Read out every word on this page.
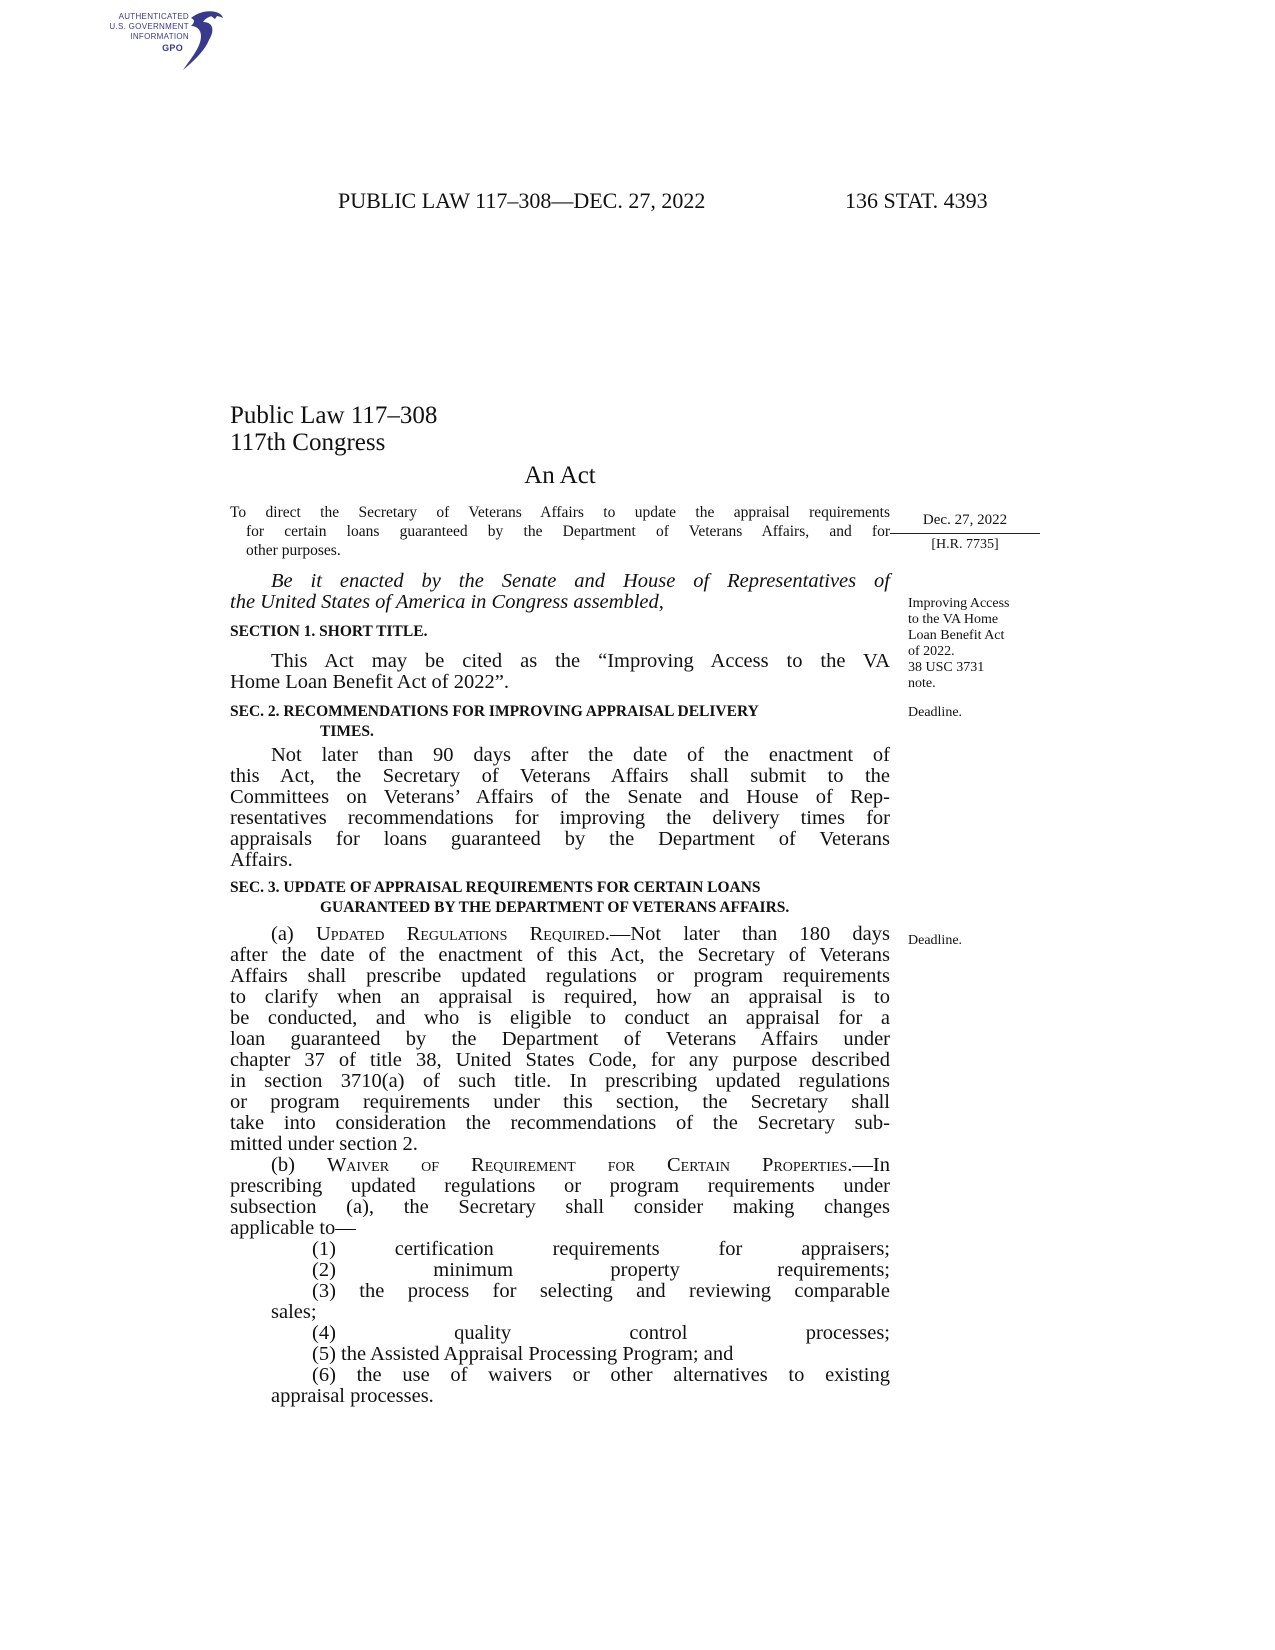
AUTHENTICATED
U.S. GOVERNMENT
INFORMATION
GPO
PUBLIC LAW 117–308—DEC. 27, 2022	136 STAT. 4393
Public Law 117–308
117th Congress
An Act
To direct the Secretary of Veterans Affairs to update the appraisal requirements
for certain loans guaranteed by the Department of Veterans Affairs, and for
other purposes.
Dec. 27, 2022
[H.R. 7735]

Be it enacted by the Senate and House of Representatives of

the United States of America in Congress assembled,	Improving Access
to the VA Home
Loan Benefit Act
of 2022.
38 USC 3731
note.
SECTION 1. SHORT TITLE.

This Act may be cited as the “Improving Access to the VA

Home Loan Benefit Act of 2022”.

SEC. 2. RECOMMENDATIONS FOR IMPROVING APPRAISAL DELIVERY
TIMES.
Deadline.

Not later than 90 days after the date of the enactment of

this Act, the Secretary of Veterans Affairs shall submit to the

Committees on Veterans’ Affairs of the Senate and House of Rep-

resentatives recommendations for improving the delivery times for

appraisals for loans guaranteed by the Department of Veterans

Affairs.

SEC. 3. UPDATE OF APPRAISAL REQUIREMENTS FOR CERTAIN LOANS
GUARANTEED BY THE DEPARTMENT OF VETERANS AFFAIRS.
Deadline.

(a) Updated Regulations Required.—Not later than 180 days

after the date of the enactment of this Act, the Secretary of Veterans

Affairs shall prescribe updated regulations or program requirements

to clarify when an appraisal is required, how an appraisal is to

be conducted, and who is eligible to conduct an appraisal for a

loan guaranteed by the Department of Veterans Affairs under

chapter 37 of title 38, United States Code, for any purpose described

in section 3710(a) of such title. In prescribing updated regulations

or program requirements under this section, the Secretary shall

take into consideration the recommendations of the Secretary sub-

mitted under section 2.

(b) Waiver of Requirement for Certain Properties.—In

prescribing updated regulations or program requirements under

subsection (a), the Secretary shall consider making changes

applicable to—

(1) certification requirements for appraisers;

(2) minimum property requirements;

(3) the process for selecting and reviewing comparable

sales;

(4) quality control processes;

(5) the Assisted Appraisal Processing Program; and

(6) the use of waivers or other alternatives to existing

appraisal processes.
